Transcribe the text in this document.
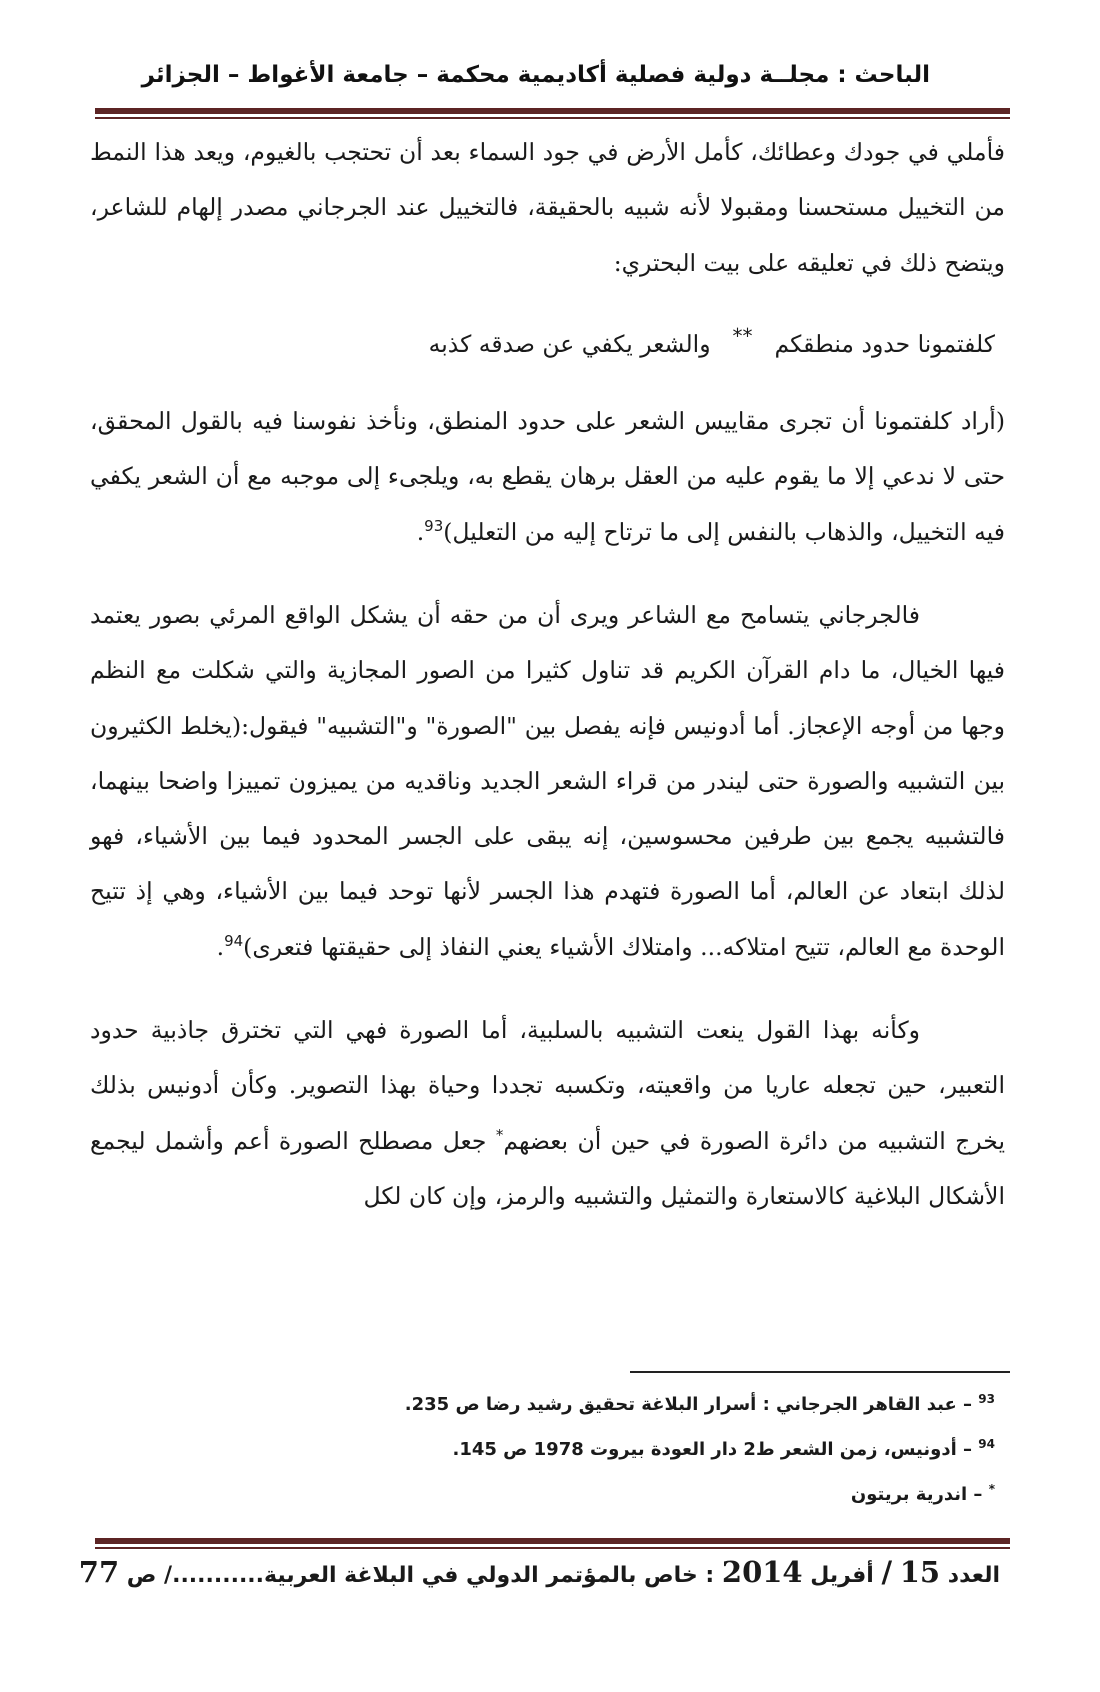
الباحث : مجلــة دولية فصلية أكاديمية محكمة – جامعة الأغواط – الجزائر

فأملي في جودك وعطائك، كأمل الأرض في جود السماء بعد أن تحتجب بالغيوم، ويعد هذا النمط من التخييل مستحسنا ومقبولا لأنه شبيه بالحقيقة، فالتخييل عند الجرجاني مصدر إلهام للشاعر، ويتضح ذلك في تعليقه على بيت البحتري:

كلفتمونا حدود منطقكم**والشعر يكفي عن صدقه كذبه

(أراد كلفتمونا أن تجرى مقاييس الشعر على حدود المنطق، ونأخذ نفوسنا فيه بالقول المحقق، حتى لا ندعي إلا ما يقوم عليه من العقل برهان يقطع به، ويلجىء إلى موجبه مع أن الشعر يكفي فيه التخييل، والذهاب بالنفس إلى ما ترتاح إليه من التعليل)$^{93}$.

فالجرجاني يتسامح مع الشاعر ويرى أن من حقه أن يشكل الواقع المرئي بصور يعتمد فيها الخيال، ما دام القرآن الكريم قد تناول كثيرا من الصور المجازية والتي شكلت مع النظم وجها من أوجه الإعجاز. أما أدونيس فإنه يفصل بين "الصورة" و"التشبيه" فيقول:(يخلط الكثيرون بين التشبيه والصورة حتى ليندر من قراء الشعر الجديد وناقديه من يميزون تمييزا واضحا بينهما، فالتشبيه يجمع بين طرفين محسوسين، إنه يبقى على الجسر المحدود فيما بين الأشياء، فهو لذلك ابتعاد عن العالم، أما الصورة فتهدم هذا الجسر لأنها توحد فيما بين الأشياء، وهي إذ تتيح الوحدة مع العالم، تتيح امتلاكه... وامتلاك الأشياء يعني النفاذ إلى حقيقتها فتعرى)$^{94}$.

وكأنه بهذا القول ينعت التشبيه بالسلبية، أما الصورة فهي التي تخترق جاذبية حدود التعبير، حين تجعله عاريا من واقعيته، وتكسبه تجددا وحياة بهذا التصوير. وكأن أدونيس بذلك يخرج التشبيه من دائرة الصورة في حين أن بعضهم* جعل مصطلح الصورة أعم وأشمل ليجمع الأشكال البلاغية كالاستعارة والتمثيل والتشبيه والرمز، وإن كان لكل

$^{93}$ – عبد القاهر الجرجاني : أسرار البلاغة تحقيق رشيد رضا ص 235.

$^{94}$ – أدونيس، زمن الشعر ط2 دار العودة بيروت 1978 ص 145.

* – اندرية بريتون

العدد 15 / أفريل 2014 : خاص بالمؤتمر الدولي في البلاغة العربية.........../ ص 77
